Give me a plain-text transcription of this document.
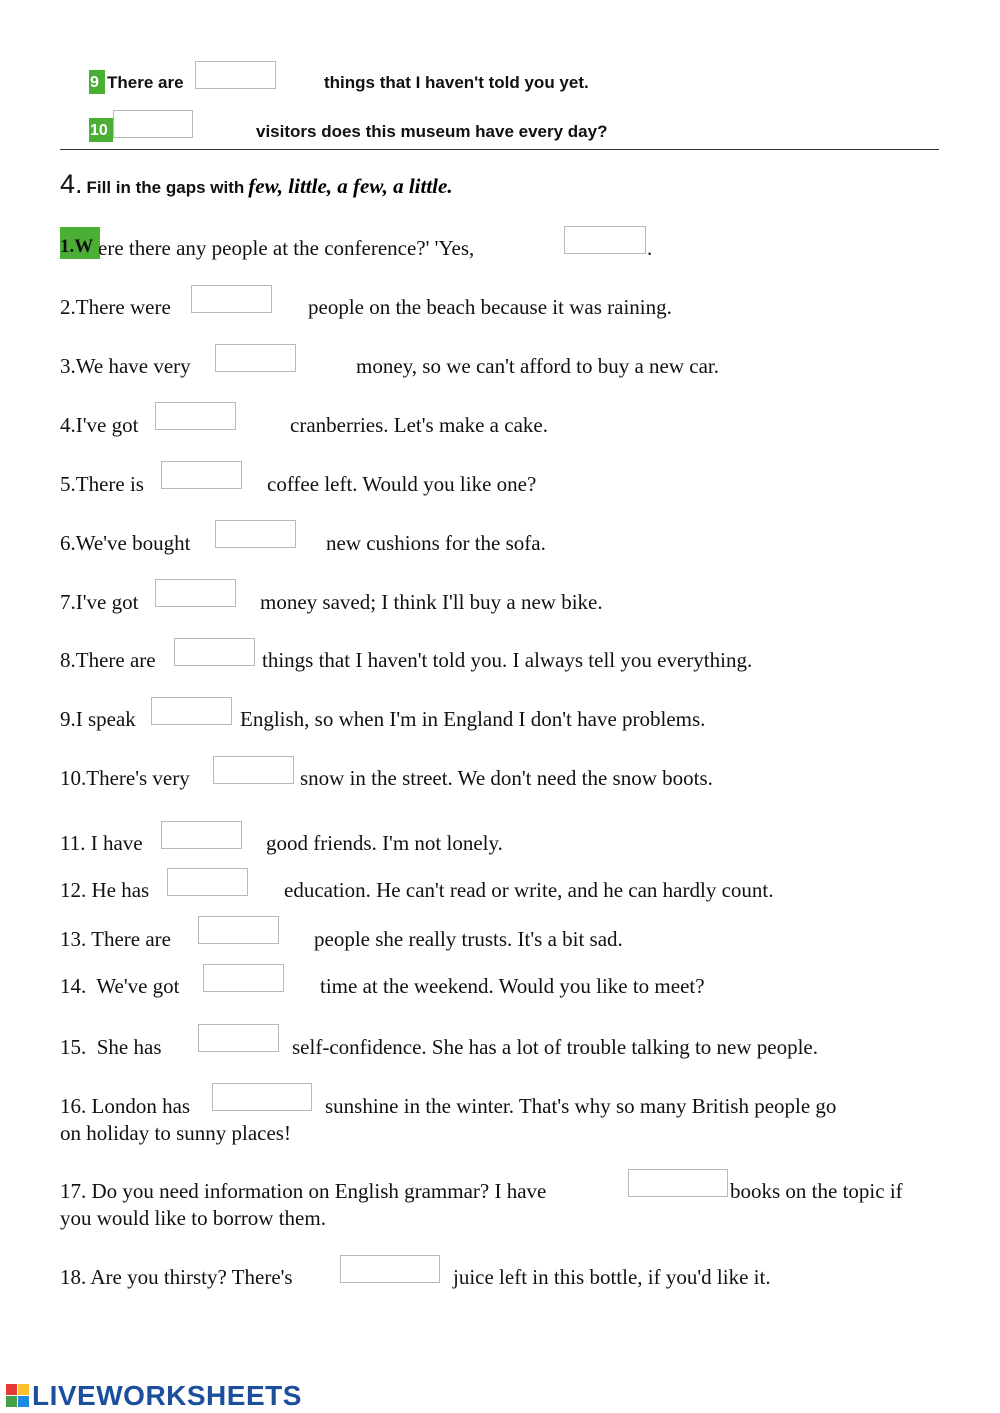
9 There are	things that I haven't told you yet.
10	visitors does this museum have every day?
4. Fill in the gaps with few, little, a few, a little.
1.W ere there any people at the conference?' 'Yes,	.
2.There were	people on the beach because it was raining.
3.We have very	money, so we can't afford to buy a new car.
4.I've got	cranberries. Let's make a cake.
5.There is	coffee left. Would you like one?
6.We've bought	new cushions for the sofa.
7.I've got	money saved; I think I'll buy a new bike.
8.There are	things that I haven't told you. I always tell you everything.
9.I speak	English, so when I'm in England I don't have problems.
10.There's very	snow in the street. We don't need the snow boots.
11. I have	good friends. I'm not lonely.
12. He has	education. He can't read or write, and he can hardly count.
13. There are	people she really trusts. It's a bit sad.
14.  We've got	time at the weekend. Would you like to meet?
15.  She has	self-confidence. She has a lot of trouble talking to new people.
16. London has	sunshine in the winter. That's why so many British people go
on holiday to sunny places!
17. Do you need information on English grammar? I have	books on the topic if
you would like to borrow them.
18. Are you thirsty? There's	juice left in this bottle, if you'd like it.
LIVEWORKSHEETS
